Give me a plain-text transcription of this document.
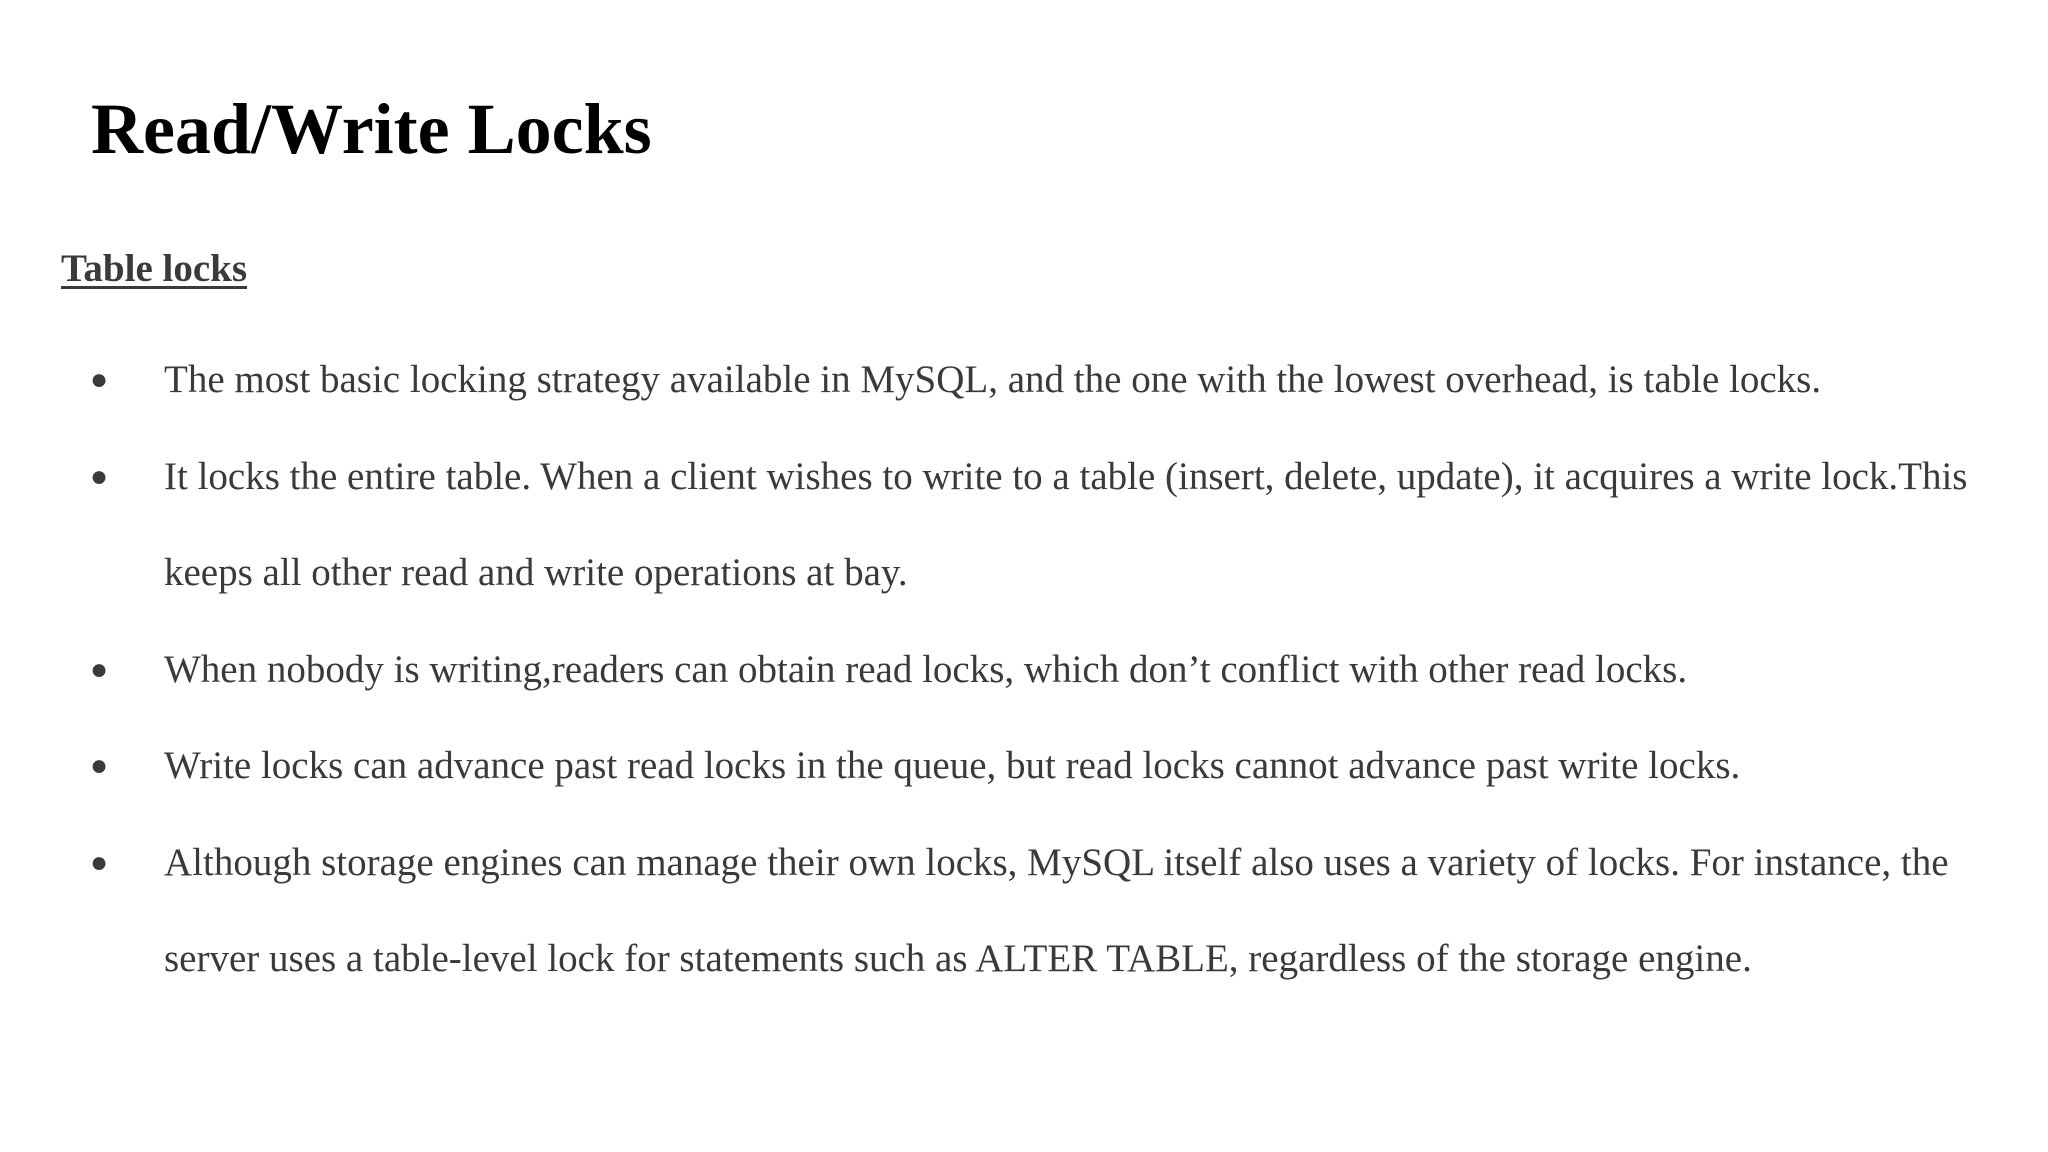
Read/Write Locks
Table locks
● The most basic locking strategy available in MySQL, and the one with the lowest overhead, is table locks.
● It locks the entire table. When a client wishes to write to a table (insert, delete, update), it acquires a write lock.This
keeps all other read and write operations at bay.
● When nobody is writing,readers can obtain read locks, which don’t conflict with other read locks.
● Write locks can advance past read locks in the queue, but read locks cannot advance past write locks.
● Although storage engines can manage their own locks, MySQL itself also uses a variety of locks. For instance, the
server uses a table-level lock for statements such as ALTER TABLE, regardless of the storage engine.
